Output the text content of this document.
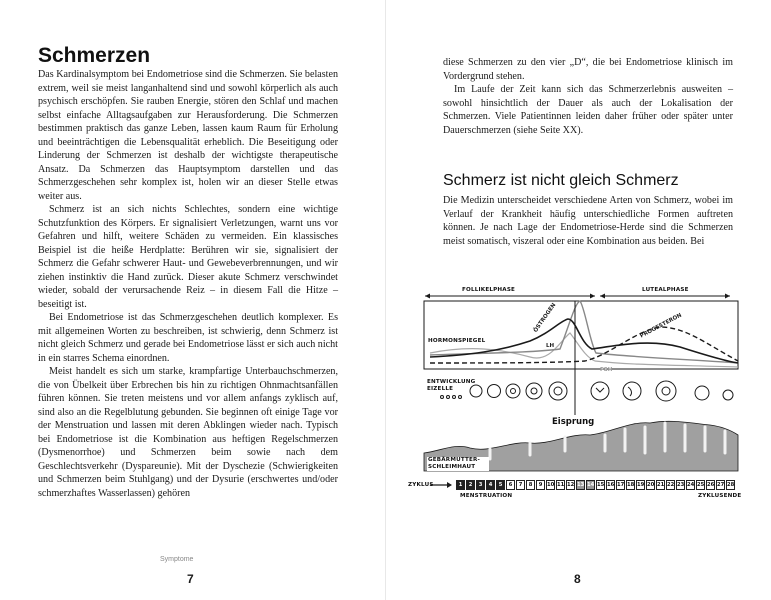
Schmerzen

Das Kardinalsymptom bei Endometriose sind die Schmerzen. Sie belasten extrem, weil sie meist langanhaltend sind und sowohl körperlich als auch psychisch erschöpfen. Sie rauben Energie, stören den Schlaf und machen selbst einfache Alltagsaufgaben zur Herausforderung. Die Schmerzen bestimmen praktisch das ganze Leben, lassen kaum Raum für Erholung und beeinträchtigen die Lebensqualität erheblich. Die Beseitigung oder Linderung der Schmerzen ist deshalb der wichtigste therapeutische Ansatz. Da Schmerzen das Hauptsymptom darstellen und das Schmerzgeschehen sehr komplex ist, holen wir an dieser Stelle etwas weiter aus.

Schmerz ist an sich nichts Schlechtes, sondern eine wichtige Schutzfunktion des Körpers. Er signalisiert Verletzungen, warnt uns vor Gefahren und hilft, weitere Schäden zu vermeiden. Ein klassisches Beispiel ist die heiße Herdplatte: Berühren wir sie, signalisiert der Schmerz die Gefahr schwerer Haut- und Gewebeverbrennungen, und wir ziehen instinktiv die Hand zurück. Dieser akute Schmerz verschwindet wieder, sobald der verursachende Reiz – in diesem Fall die Hitze – beseitigt ist.

Bei Endometriose ist das Schmerzgeschehen deutlich komplexer. Es mit allgemeinen Worten zu beschreiben, ist schwierig, denn Schmerz ist nicht gleich Schmerz und gerade bei Endometriose lässt er sich auch nicht in ein starres Schema einordnen.

Meist handelt es sich um starke, krampfartige Unterbauchschmerzen, die von Übelkeit über Erbrechen bis hin zu richtigen Ohnmachtsanfällen führen können. Sie treten meistens und vor allem anfangs zyklisch auf, sind also an die Regelblutung gebunden. Sie beginnen oft einige Tage vor der Menstruation und lassen mit deren Abklingen wieder nach. Typisch bei Endometriose ist die Kombination aus heftigen Regelschmerzen (Dysmenorrhoe) und Schmerzen beim sowie nach dem Geschlechtsverkehr (Dyspareunie). Mit der Dyschezie (Schwierigkeiten und Schmerzen beim Stuhlgang) und der Dysurie (erschwertes und/oder schmerzhaftes Wasserlassen) gehören

Symptome
7

diese Schmerzen zu den vier „D“, die bei Endometriose klinisch im Vordergrund stehen.

Im Laufe der Zeit kann sich das Schmerzerlebnis ausweiten – sowohl hinsichtlich der Dauer als auch der Lokalisation der Schmerzen. Viele Patientinnen leiden daher früher oder später unter Dauerschmerzen (siehe Seite XX).

Schmerz ist nicht gleich Schmerz

Die Medizin unterscheidet verschiedene Arten von Schmerz, wobei im Verlauf der Krankheit häufig unterschiedliche Formen auftreten können. Je nach Lage der Endometriose-Herde sind die Schmerzen meist somatisch, viszeral oder eine Kombination aus beiden. Bei

FOLLIKELPHASE	LUTEALPHASE
HORMONSPIEGEL
ENTWICKLUNG EIZELLE
GEBÄRMUTTER-SCHLEIMHAUT
ÖSTROGEN
LH
PROGESTERON
FSH
Eisprung
ZYKLUS	1	2	3	4	5	6	7	8	9 10 11 12 13 14 15 16 17 18 19 20 21 22 23 24 25 26 27 28
MENSTRUATION	ZYKLUSENDE
8
